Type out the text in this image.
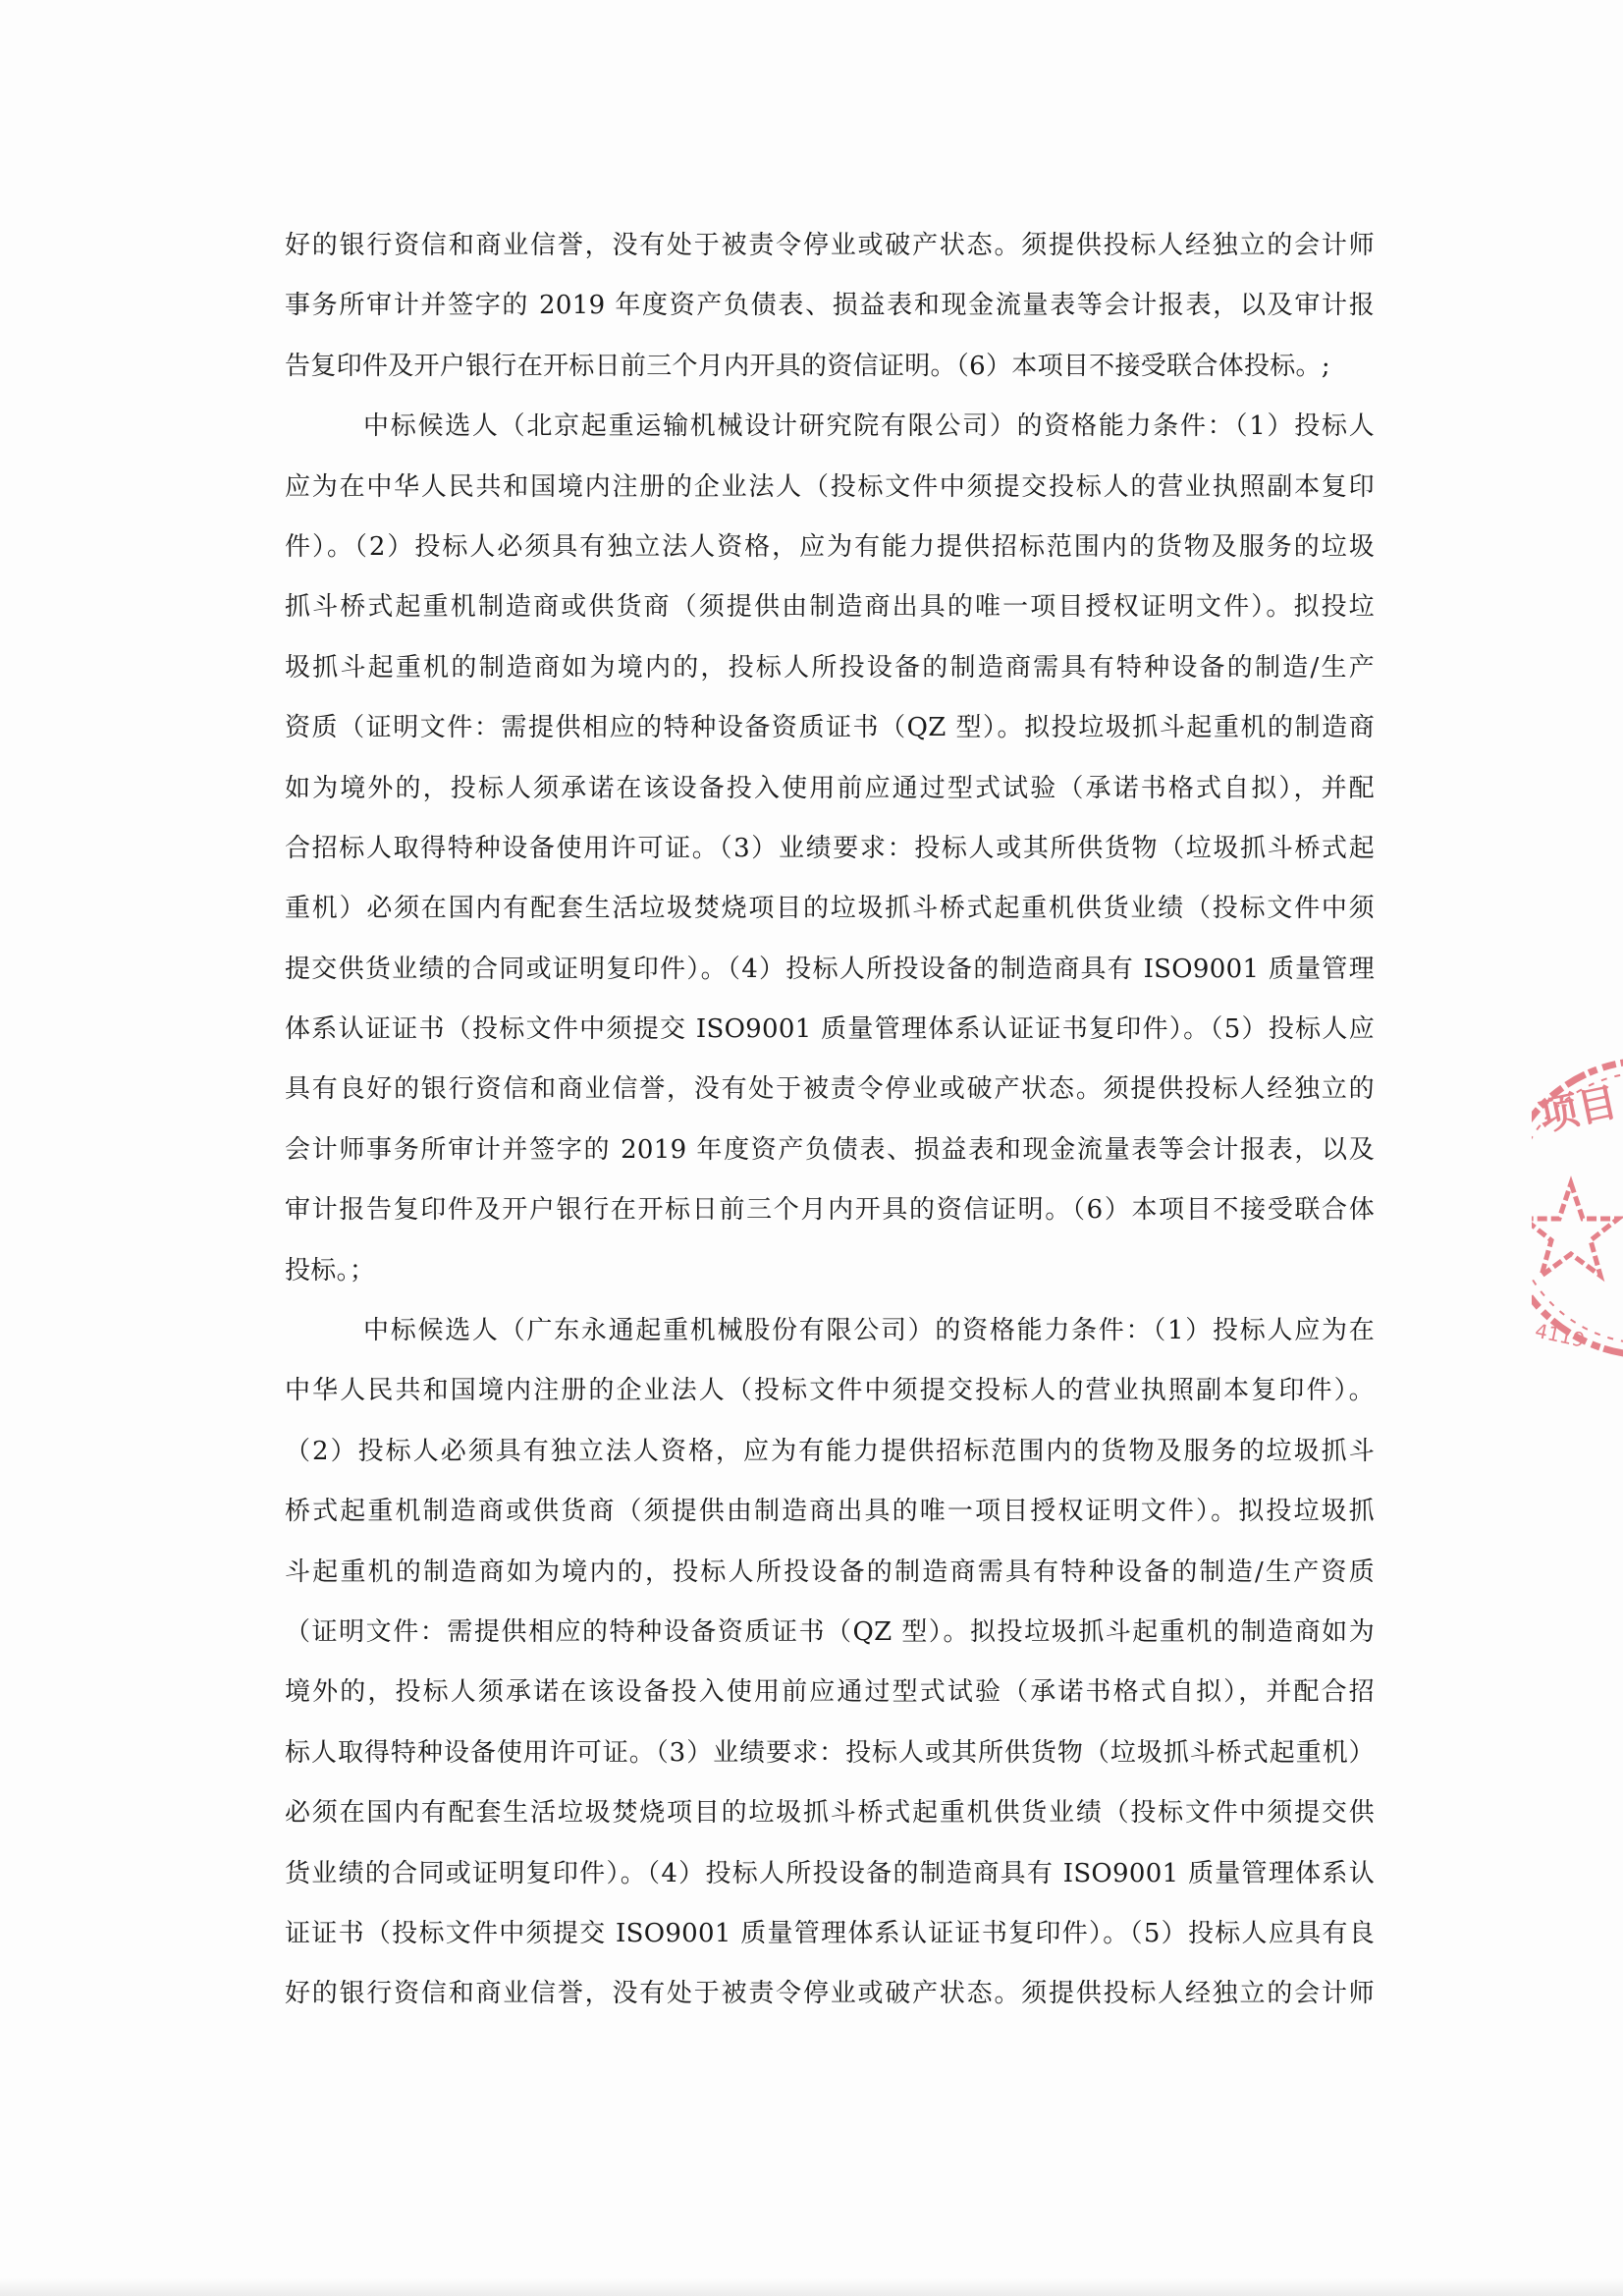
好的银行资信和商业信誉，没有处于被责令停业或破产状态。须提供投标人经独立的会计师
事务所审计并签字的 2019 年度资产负债表、损益表和现金流量表等会计报表，以及审计报
告复印件及开户银行在开标日前三个月内开具的资信证明。（6）本项目不接受联合体投标。;
中标候选人（北京起重运输机械设计研究院有限公司）的资格能力条件：（1）投标人
应为在中华人民共和国境内注册的企业法人（投标文件中须提交投标人的营业执照副本复印
件）。（2）投标人必须具有独立法人资格，应为有能力提供招标范围内的货物及服务的垃圾
抓斗桥式起重机制造商或供货商（须提供由制造商出具的唯一项目授权证明文件）。拟投垃
圾抓斗起重机的制造商如为境内的，投标人所投设备的制造商需具有特种设备的制造/生产
资质（证明文件：需提供相应的特种设备资质证书（QZ 型）。拟投垃圾抓斗起重机的制造商
如为境外的，投标人须承诺在该设备投入使用前应通过型式试验（承诺书格式自拟），并配
合招标人取得特种设备使用许可证。（3）业绩要求：投标人或其所供货物（垃圾抓斗桥式起
重机）必须在国内有配套生活垃圾焚烧项目的垃圾抓斗桥式起重机供货业绩（投标文件中须
提交供货业绩的合同或证明复印件）。（4）投标人所投设备的制造商具有 ISO9001 质量管理
体系认证证书（投标文件中须提交 ISO9001 质量管理体系认证证书复印件）。（5）投标人应
具有良好的银行资信和商业信誉，没有处于被责令停业或破产状态。须提供投标人经独立的
会计师事务所审计并签字的 2019 年度资产负债表、损益表和现金流量表等会计报表，以及
审计报告复印件及开户银行在开标日前三个月内开具的资信证明。（6）本项目不接受联合体
投标。；
中标候选人（广东永通起重机械股份有限公司）的资格能力条件：（1）投标人应为在
中华人民共和国境内注册的企业法人（投标文件中须提交投标人的营业执照副本复印件）。
（2）投标人必须具有独立法人资格，应为有能力提供招标范围内的货物及服务的垃圾抓斗
桥式起重机制造商或供货商（须提供由制造商出具的唯一项目授权证明文件）。拟投垃圾抓
斗起重机的制造商如为境内的，投标人所投设备的制造商需具有特种设备的制造/生产资质
（证明文件：需提供相应的特种设备资质证书（QZ 型）。拟投垃圾抓斗起重机的制造商如为
境外的，投标人须承诺在该设备投入使用前应通过型式试验（承诺书格式自拟），并配合招
标人取得特种设备使用许可证。（3）业绩要求：投标人或其所供货物（垃圾抓斗桥式起重机）
必须在国内有配套生活垃圾焚烧项目的垃圾抓斗桥式起重机供货业绩（投标文件中须提交供
货业绩的合同或证明复印件）。（4）投标人所投设备的制造商具有 ISO9001 质量管理体系认
证证书（投标文件中须提交 ISO9001 质量管理体系认证证书复印件）。（5）投标人应具有良
好的银行资信和商业信誉，没有处于被责令停业或破产状态。须提供投标人经独立的会计师
项目
4119
